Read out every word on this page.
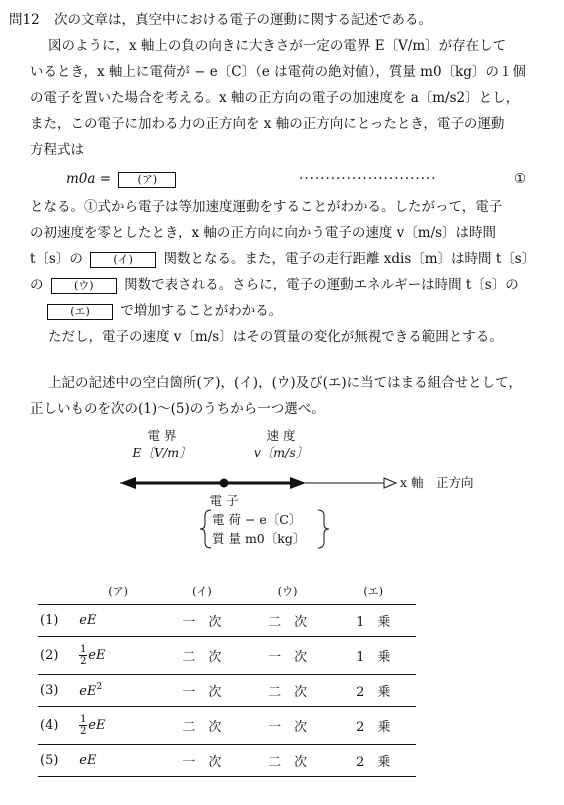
問12 次の文章は，真空中における電子の運動に関する記述である。
図のように，x 軸上の負の向きに大きさが一定の電界 E〔V/m〕が存在して
いるとき，x 軸上に電荷が − e〔C〕（e は電荷の絶対値），質量 m0〔kg〕の１個
の電子を置いた場合を考える。x 軸の正方向の電子の加速度を a〔m/s2〕とし，
また，この電子に加わる力の正方向を x 軸の正方向にとったとき，電子の運動
方程式は
m0a = (ア)	··························	①
となる。①式から電子は等加速度運動をすることがわかる。したがって，電子
の初速度を零としたとき，x 軸の正方向に向かう電子の速度 v〔m/s〕は時間
t〔s〕の	(イ) 関数となる。また，電子の走行距離 xdis〔m〕は時間 t〔s〕
の	(ウ) 関数で表される。さらに，電子の運動エネルギーは時間 t〔s〕の
(エ) で増加することがわかる。
ただし，電子の速度 v〔m/s〕はその質量の変化が無視できる範囲とする。
上記の記述中の空白箇所(ア)，(イ)，(ウ)及び(エ)に当てはまる組合せとして，
正しいものを次の(1)〜(5)のうちから一つ選べ。
電 界
E〔V/m〕
速 度
v〔m/s〕
x 軸　正方向
電 子
電 荷 − e〔C〕
質 量 m0〔kg〕
	(ア)	(イ)	(ウ)	(エ)
(1)	eE	一　次	二　次	1　乗
(2)	$\frac{1}{2}$ eE	二　次	一　次	1　乗
(3)	$eE^2$	一　次	二　次	2　乗
(4)	$\frac{1}{2}$ eE	二　次	一　次	2　乗
(5)	eE	一　次	二　次	2　乗
